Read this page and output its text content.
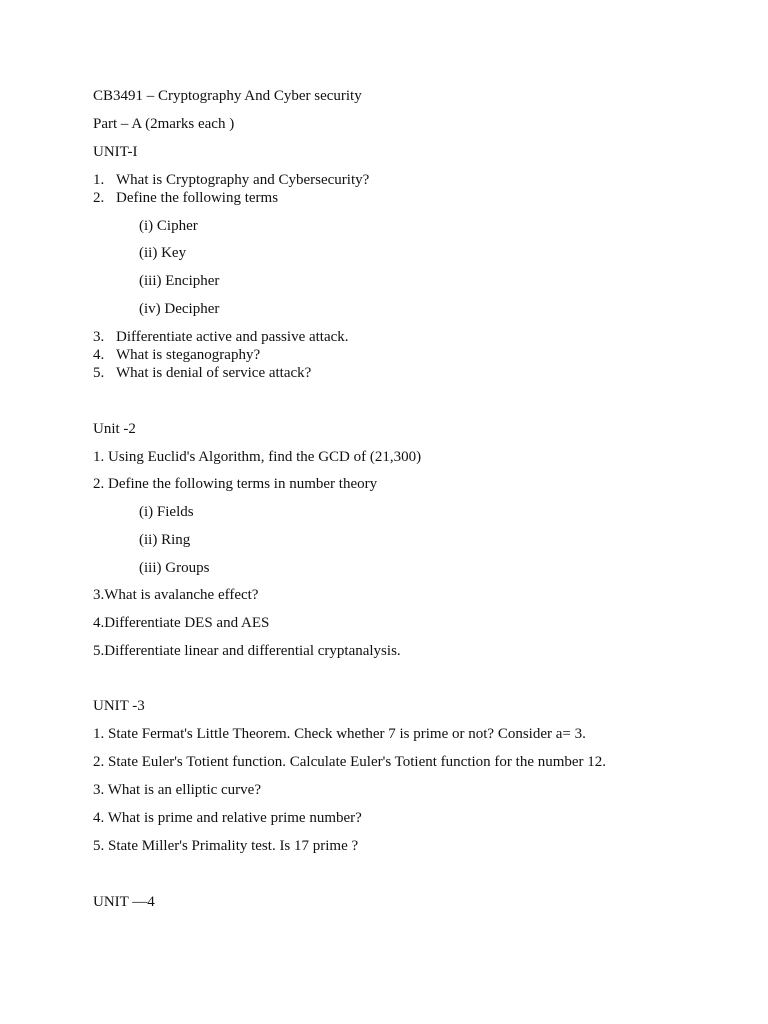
CB3491 – Cryptography And Cyber security
Part – A (2marks each )
UNIT-I
1. What is Cryptography and Cybersecurity?
2. Define the following terms
(i) Cipher
(ii) Key
(iii) Encipher
(iv) Decipher
3. Differentiate active and passive attack.
4. What is steganography?
5. What is denial of service attack?
Unit -2
1. Using Euclid's Algorithm, find the GCD of (21,300)
2. Define the following terms in number theory
(i) Fields
(ii) Ring
(iii) Groups
3.What is avalanche effect?
4.Differentiate DES and AES
5.Differentiate linear and differential cryptanalysis.
UNIT -3
1. State Fermat's Little Theorem. Check whether 7 is prime or not? Consider a= 3.
2. State Euler's Totient function. Calculate Euler's Totient function for the number 12.
3. What is an elliptic curve?
4. What is prime and relative prime number?
5. State Miller's Primality test. Is 17 prime ?
UNIT —4
